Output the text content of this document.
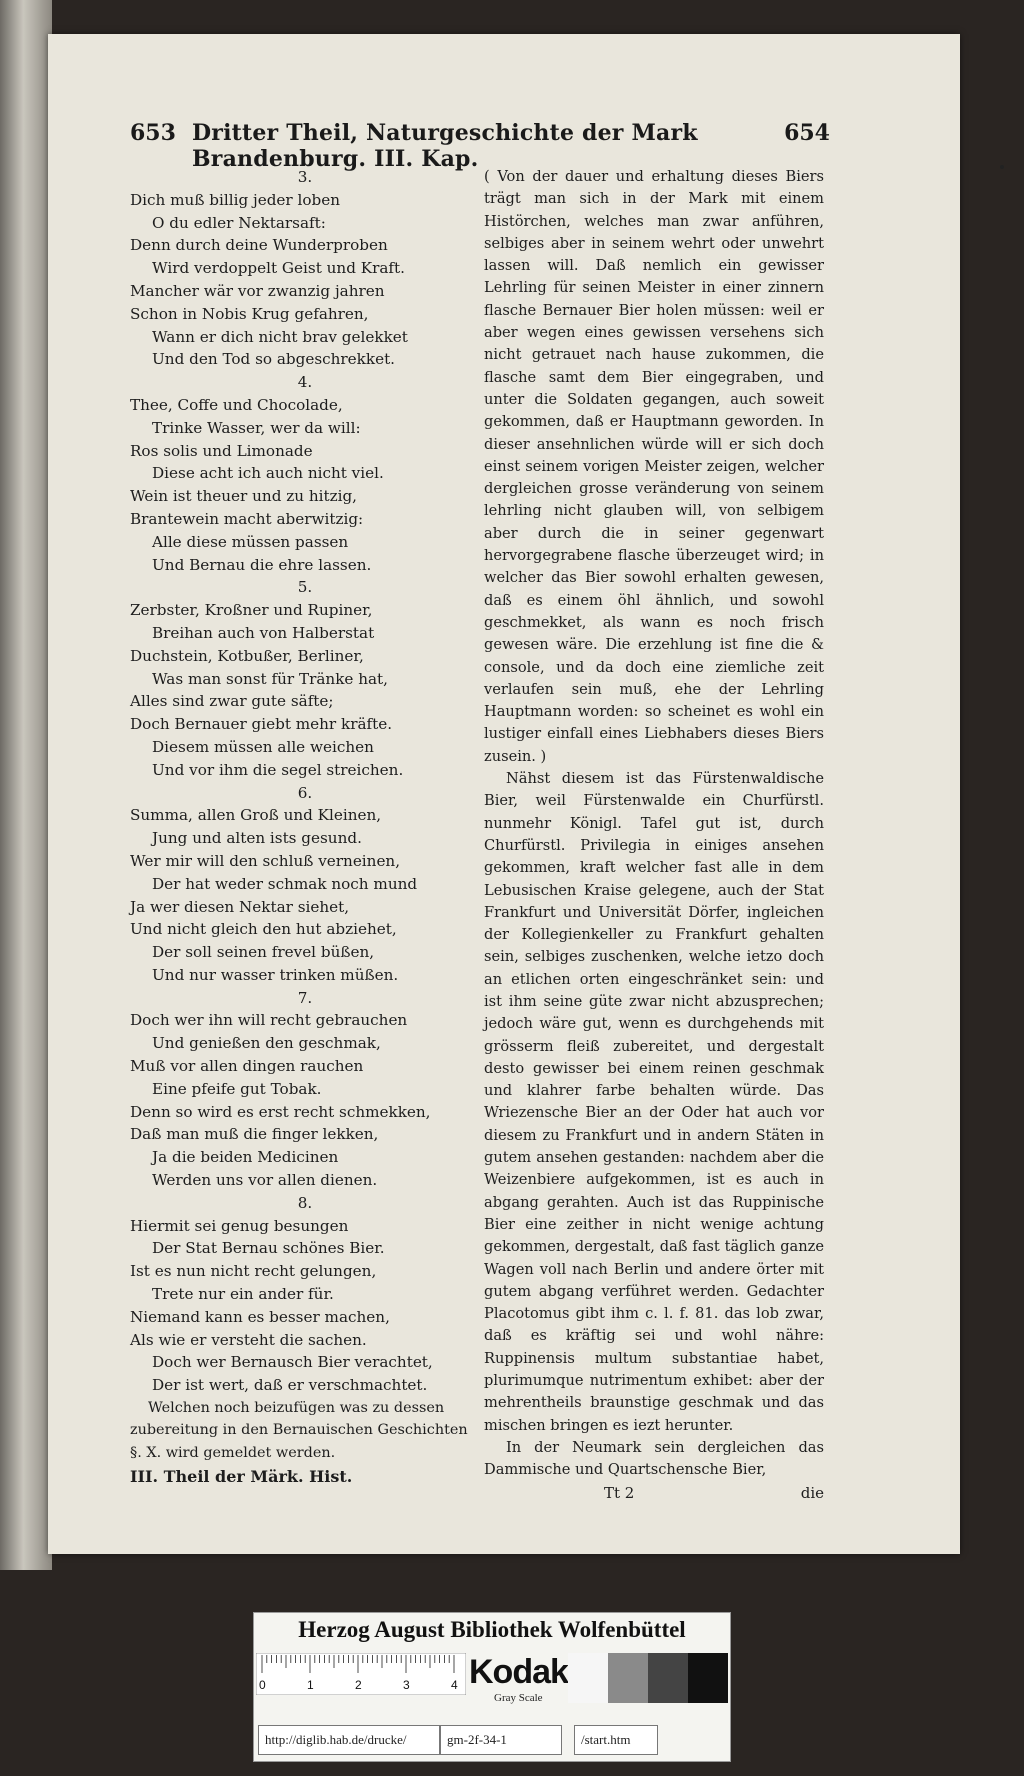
653 Dritter Theil, Naturgeschichte der Mark Brandenburg. III. Kap.
654
3.
Dich muß billig jeder loben
O du edler Nektarsaft:
Denn durch deine Wunderproben
Wird verdoppelt Geist und Kraft.
Mancher wär vor zwanzig jahren
Schon in Nobis Krug gefahren,
Wann er dich nicht brav gelekket
Und den Tod so abgeschrekket.
4.
Thee, Coffe und Chocolade,
Trinke Wasser, wer da will:
Ros solis und Limonade
Diese acht ich auch nicht viel.
Wein ist theuer und zu hitzig,
Brantewein macht aberwitzig:
Alle diese müssen passen
Und Bernau die ehre lassen.
5.
Zerbster, Kroßner und Rupiner,
Breihan auch von Halberstat
Duchstein, Kotbußer, Berliner,
Was man sonst für Tränke hat,
Alles sind zwar gute säfte;
Doch Bernauer giebt mehr kräfte.
Diesem müssen alle weichen
Und vor ihm die segel streichen.
6.
Summa, allen Groß und Kleinen,
Jung und alten ists gesund.
Wer mir will den schluß verneinen,
Der hat weder schmak noch mund
Ja wer diesen Nektar siehet,
Und nicht gleich den hut abziehet,
Der soll seinen frevel büßen,
Und nur wasser trinken müßen.
7.
Doch wer ihn will recht gebrauchen
Und genießen den geschmak,
Muß vor allen dingen rauchen
Eine pfeife gut Tobak.
Denn so wird es erst recht schmekken,
Daß man muß die finger lekken,
Ja die beiden Medicinen
Werden uns vor allen dienen.
8.
Hiermit sei genug besungen
Der Stat Bernau schönes Bier.
Ist es nun nicht recht gelungen,
Trete nur ein ander für.
Niemand kann es besser machen,
Als wie er versteht die sachen.
Doch wer Bernausch Bier verachtet,
Der ist wert, daß er verschmachtet.
Welchen noch beizufügen was zu dessen zubereitung in den Bernauischen Geschichten §. X. wird gemeldet werden.
III. Theil der Märk. Hist.
( Von der dauer und erhaltung dieses Biers trägt man sich in der Mark mit einem Histörchen, welches man zwar anführen, selbiges aber in seinem wehrt oder unwehrt lassen will. Daß nemlich ein gewisser Lehrling für seinen Meister in einer zinnern flasche Bernauer Bier holen müssen: weil er aber wegen eines gewissen versehens sich nicht getrauet nach hause zukommen, die flasche samt dem Bier eingegraben, und unter die Soldaten gegangen, auch soweit gekommen, daß er Hauptmann geworden. In dieser ansehnlichen würde will er sich doch einst seinem vorigen Meister zeigen, welcher dergleichen grosse veränderung von seinem lehrling nicht glauben will, von selbigem aber durch die in seiner gegenwart hervorgegrabene flasche überzeuget wird; in welcher das Bier sowohl erhalten gewesen, daß es einem öhl ähnlich, und sowohl geschmekket, als wann es noch frisch gewesen wäre. Die erzehlung ist fine die & console, und da doch eine ziemliche zeit verlaufen sein muß, ehe der Lehrling Hauptmann worden: so scheinet es wohl ein lustiger einfall eines Liebhabers dieses Biers zusein. )
Nähst diesem ist das Fürstenwaldische Bier, weil Fürstenwalde ein Churfürstl. nunmehr Königl. Tafel gut ist, durch Churfürstl. Privilegia in einiges ansehen gekommen, kraft welcher fast alle in dem Lebusischen Kraise gelegene, auch der Stat Frankfurt und Universität Dörfer, ingleichen der Kollegienkeller zu Frankfurt gehalten sein, selbiges zuschenken, welche ietzo doch an etlichen orten eingeschränket sein: und ist ihm seine güte zwar nicht abzusprechen; jedoch wäre gut, wenn es durchgehends mit grösserm fleiß zubereitet, und dergestalt desto gewisser bei einem reinen geschmak und klahrer farbe behalten würde. Das Wriezensche Bier an der Oder hat auch vor diesem zu Frankfurt und in andern Stäten in gutem ansehen gestanden: nachdem aber die Weizenbiere aufgekommen, ist es auch in abgang gerahten. Auch ist das Ruppinische Bier eine zeither in nicht wenige achtung gekommen, dergestalt, daß fast täglich ganze Wagen voll nach Berlin und andere örter mit gutem abgang verführet werden. Gedachter Placotomus gibt ihm c. l. f. 81. das lob zwar, daß es kräftig sei und wohl nähre: Ruppinensis multum substantiae habet, plurimumque nutrimentum exhibet: aber der mehrentheils braunstige geschmak und das mischen bringen es iezt herunter.
In der Neumark sein dergleichen das Dammische und Quartschensche Bier,
Tt 2	die
Herzog August Bibliothek Wolfenbüttel
0	1	2	3	4 Kodak
Gray Scale
http://diglib.hab.de/drucke/	gm-2f-34-1	/start.htm
